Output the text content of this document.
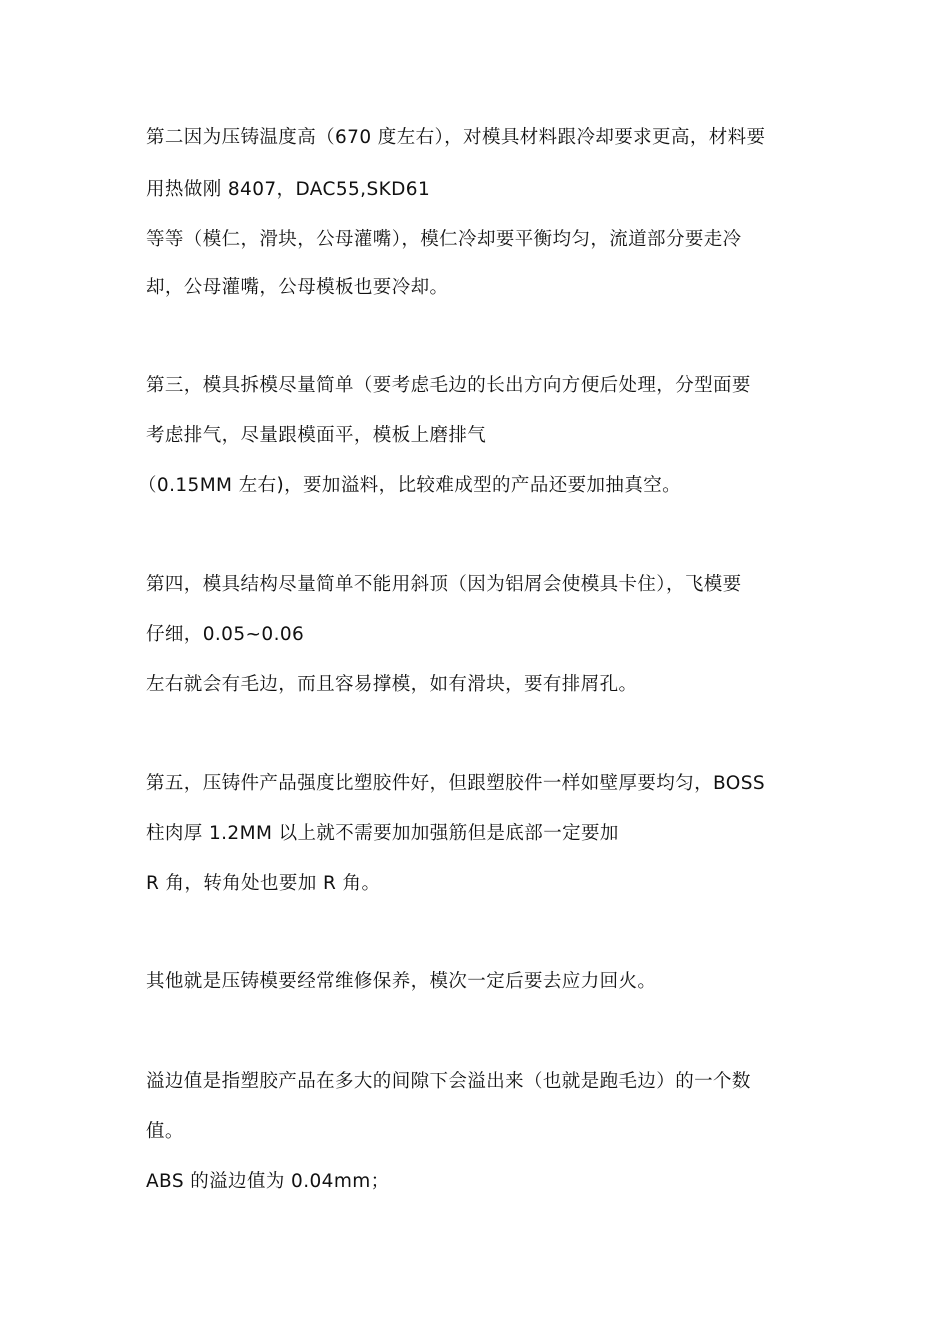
第二因为压铸温度高（670 度左右），对模具材料跟冷却要求更高，材料要
用热做刚 8407，DAC55,SKD61
等等（模仁，滑块，公母灌嘴），模仁冷却要平衡均匀，流道部分要走冷
却，公母灌嘴，公母模板也要冷却。
第三，模具拆模尽量简单（要考虑毛边的长出方向方便后处理，分型面要
考虑排气，尽量跟模面平，模板上磨排气
（0.15MM 左右)，要加溢料，比较难成型的产品还要加抽真空。
第四，模具结构尽量简单不能用斜顶（因为铝屑会使模具卡住），飞模要
仔细，0.05~0.06
左右就会有毛边，而且容易撑模，如有滑块，要有排屑孔。
第五，压铸件产品强度比塑胶件好，但跟塑胶件一样如壁厚要均匀，BOSS
柱肉厚 1.2MM 以上就不需要加加强筋但是底部一定要加
R 角，转角处也要加 R 角。
其他就是压铸模要经常维修保养，模次一定后要去应力回火。
溢边值是指塑胶产品在多大的间隙下会溢出来（也就是跑毛边）的一个数
值。
ABS 的溢边值为 0.04mm；
